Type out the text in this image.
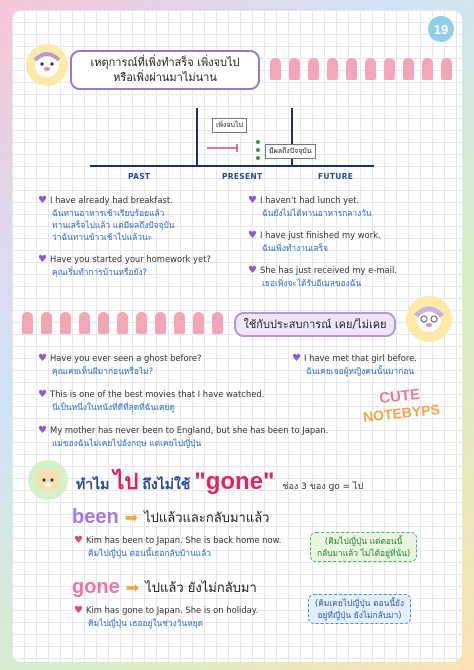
19
เหตุการณ์ที่เพิ่งทำสร็จ เพิ่งจบไป
หรือเพิ่งผ่านมาไม่นาน
เพิ่งจบไป
มีผลถึงปัจจุบัน
PAST	PRESENT	FUTURE
♥ I have already had breakfast.
ฉันทานอาหารเช้าเรียบร้อยแล้ว
ทานเสร็จไปแล้ว แต่มีผลถึงปัจจุบัน
ว่าฉันทานข้าวเช้าไปแล้วนะ
♥ Have you started your homework yet?
คุณเริ่มทำการบ้านหรือยัง?
♥ I haven't had lunch yet.
ฉันยังไม่ได้ทานอาหารกลางวัน
♥ I have just finished my work.
ฉันเพิ่งทำงานเสร็จ
♥ She has just received my e-mail.
เธอเพิ่งจะได้รับอีเมลของฉัน
ใช้กับประสบการณ์ เคย/ไม่เคย
♥ Have you ever seen a ghost before?
คุณเคยเห็นผีมาก่อนหรือไม่?
♥ I have met that girl before.
ฉันเคยเจอผู้หญิงคนนั้นมาก่อน
♥ This is one of the best movies that I have watched.
นี่เป็นหนึ่งในหนังที่ดีที่สุดที่ฉันเคยดู
♥ My mother has never been to England, but she has been to Japan.
แม่ของฉันไม่เคยไปอังกฤษ แต่เคยไปญี่ปุ่น
CUTE
NOTEBYPS
ทำไม ไป ถึงไม่ใช้ "gone" ช่อง 3 ของ go = ไป
been ➡ ไปแล้วและกลับมาแล้ว
♥ Kim has been to Japan. She is back home now.
คิมไปญี่ปุ่น ตอนนี้เธอกลับบ้านแล้ว
(คิมไปญี่ปุ่น แต่ตอนนี้
กลับมาแล้ว ไม่ได้อยู่ที่นั่น)
gone ➡ ไปแล้ว ยังไม่กลับมา
♥ Kim has gone to Japan. She is on holiday.
คิมไปญี่ปุ่น เธออยู่ในช่วงวันหยุด
(คิมเคยไปญี่ปุ่น ตอนนี้ยัง
อยู่ที่ญี่ปุ่น ยังไม่กลับมา)
